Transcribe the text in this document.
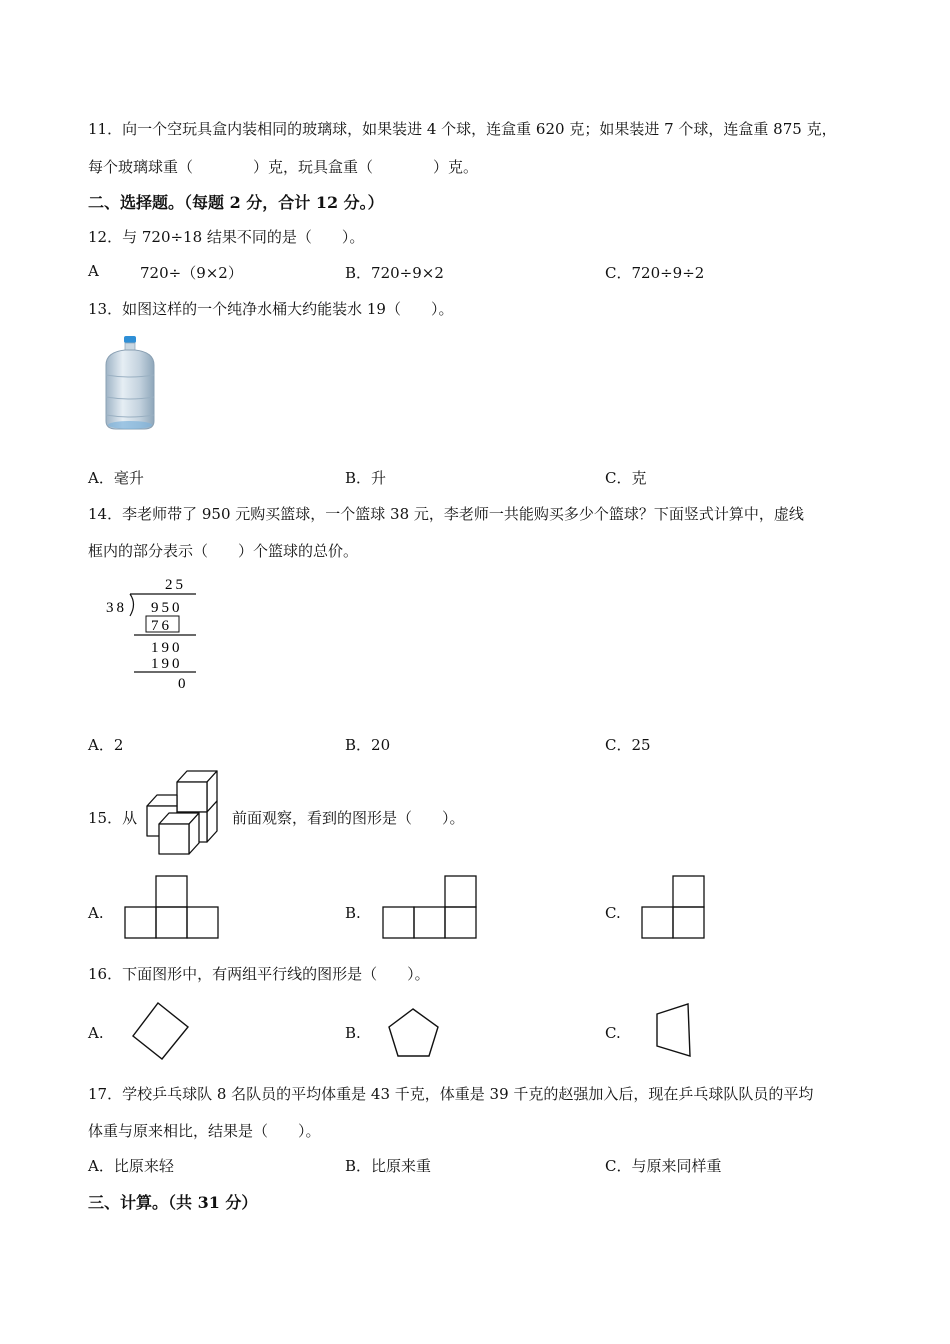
11．向一个空玩具盒内装相同的玻璃球，如果装进 4 个球，连盒重 620 克；如果装进 7 个球，连盒重 875 克，
每个玻璃球重（　　　　）克，玩具盒重（　　　　）克。
二、选择题。（每题 2 分，合计 12 分。）
12．与 720÷18 结果不同的是（　　）。
A	720÷（9×2）	B．720÷9×2	C．720÷9÷2
13．如图这样的一个纯净水桶大约能装水 19（　　）。
A．毫升	B．升	C．克
14．李老师带了 950 元购买篮球，一个篮球 38 元，李老师一共能购买多少个篮球？下面竖式计算中，虚线
框内的部分表示（　　）个篮球的总价。
25
38 950
76
190
190
0
A．2	B．20	C．25
15．从	前面观察，看到的图形是（　　）。
A.	B.	C.
16．下面图形中，有两组平行线的图形是（　　）。
A.	B.	C.
17．学校乒乓球队 8 名队员的平均体重是 43 千克，体重是 39 千克的赵强加入后，现在乒乓球队队员的平均
体重与原来相比，结果是（　　）。
A．比原来轻	B．比原来重	C．与原来同样重
三、计算。（共 31 分）
